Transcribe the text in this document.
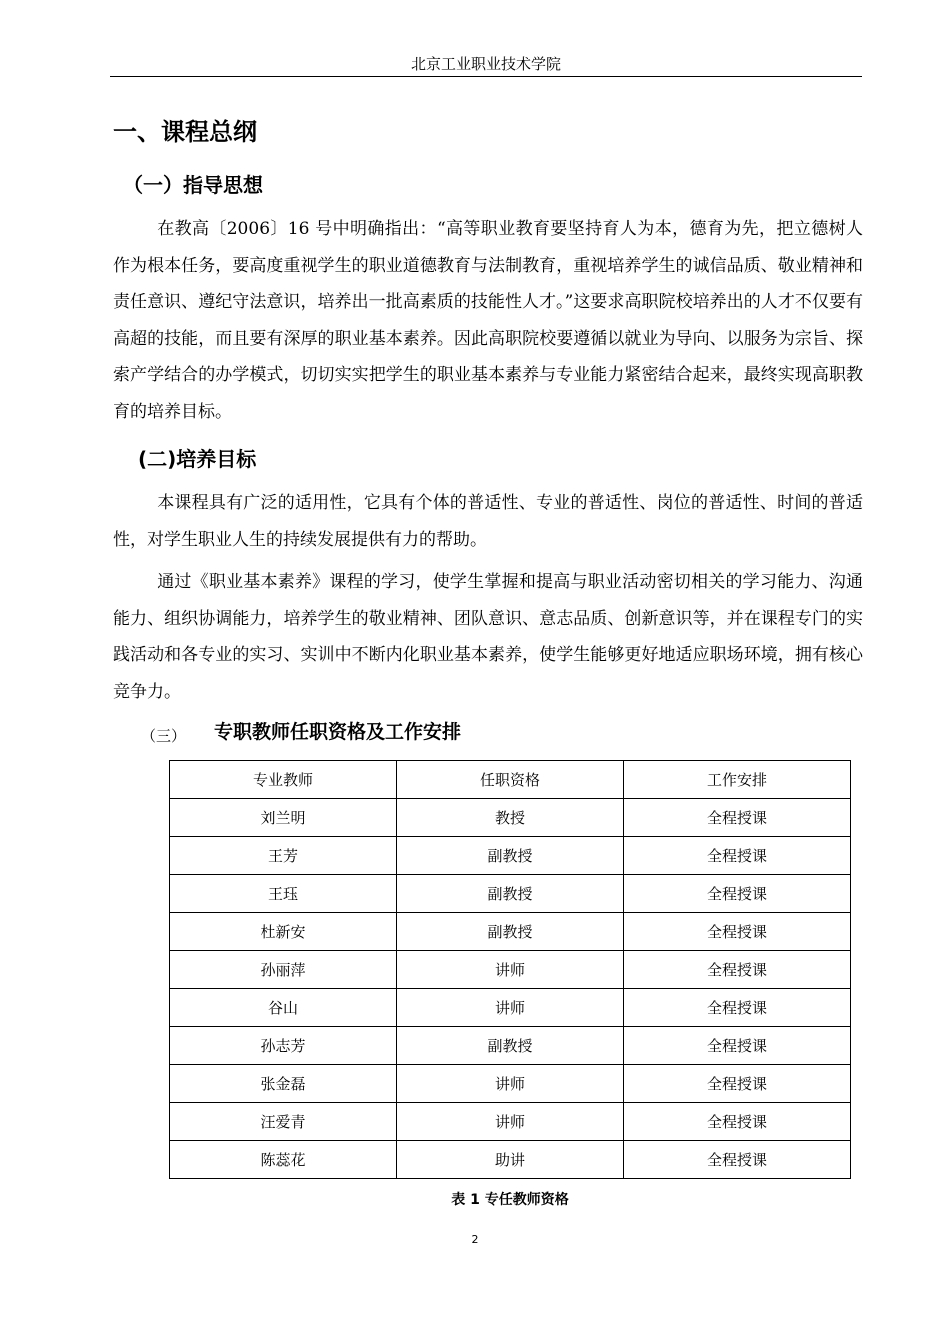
北京工业职业技术学院
一、课程总纲
（一）指导思想
在教高〔2006〕16 号中明确指出：“高等职业教育要坚持育人为本，德育为先，把立德树人作为根本任务，要高度重视学生的职业道德教育与法制教育，重视培养学生的诚信品质、敬业精神和责任意识、遵纪守法意识，培养出一批高素质的技能性人才。”这要求高职院校培养出的人才不仅要有高超的技能，而且要有深厚的职业基本素养。因此高职院校要遵循以就业为导向、以服务为宗旨、探索产学结合的办学模式，切切实实把学生的职业基本素养与专业能力紧密结合起来，最终实现高职教育的培养目标。
(二)培养目标
本课程具有广泛的适用性，它具有个体的普适性、专业的普适性、岗位的普适性、时间的普适性，对学生职业人生的持续发展提供有力的帮助。
通过《职业基本素养》课程的学习，使学生掌握和提高与职业活动密切相关的学习能力、沟通能力、组织协调能力，培养学生的敬业精神、团队意识、意志品质、创新意识等，并在课程专门的实践活动和各专业的实习、实训中不断内化职业基本素养，使学生能够更好地适应职场环境，拥有核心竞争力。
（三） 专职教师任职资格及工作安排
专业教师	任职资格	工作安排
刘兰明	教授	全程授课
王芳	副教授	全程授课
王珏	副教授	全程授课
杜新安	副教授	全程授课
孙丽萍	讲师	全程授课
谷山	讲师	全程授课
孙志芳	副教授	全程授课
张金磊	讲师	全程授课
汪爱青	讲师	全程授课
陈蕊花	助讲	全程授课
表 1 专任教师资格
2
